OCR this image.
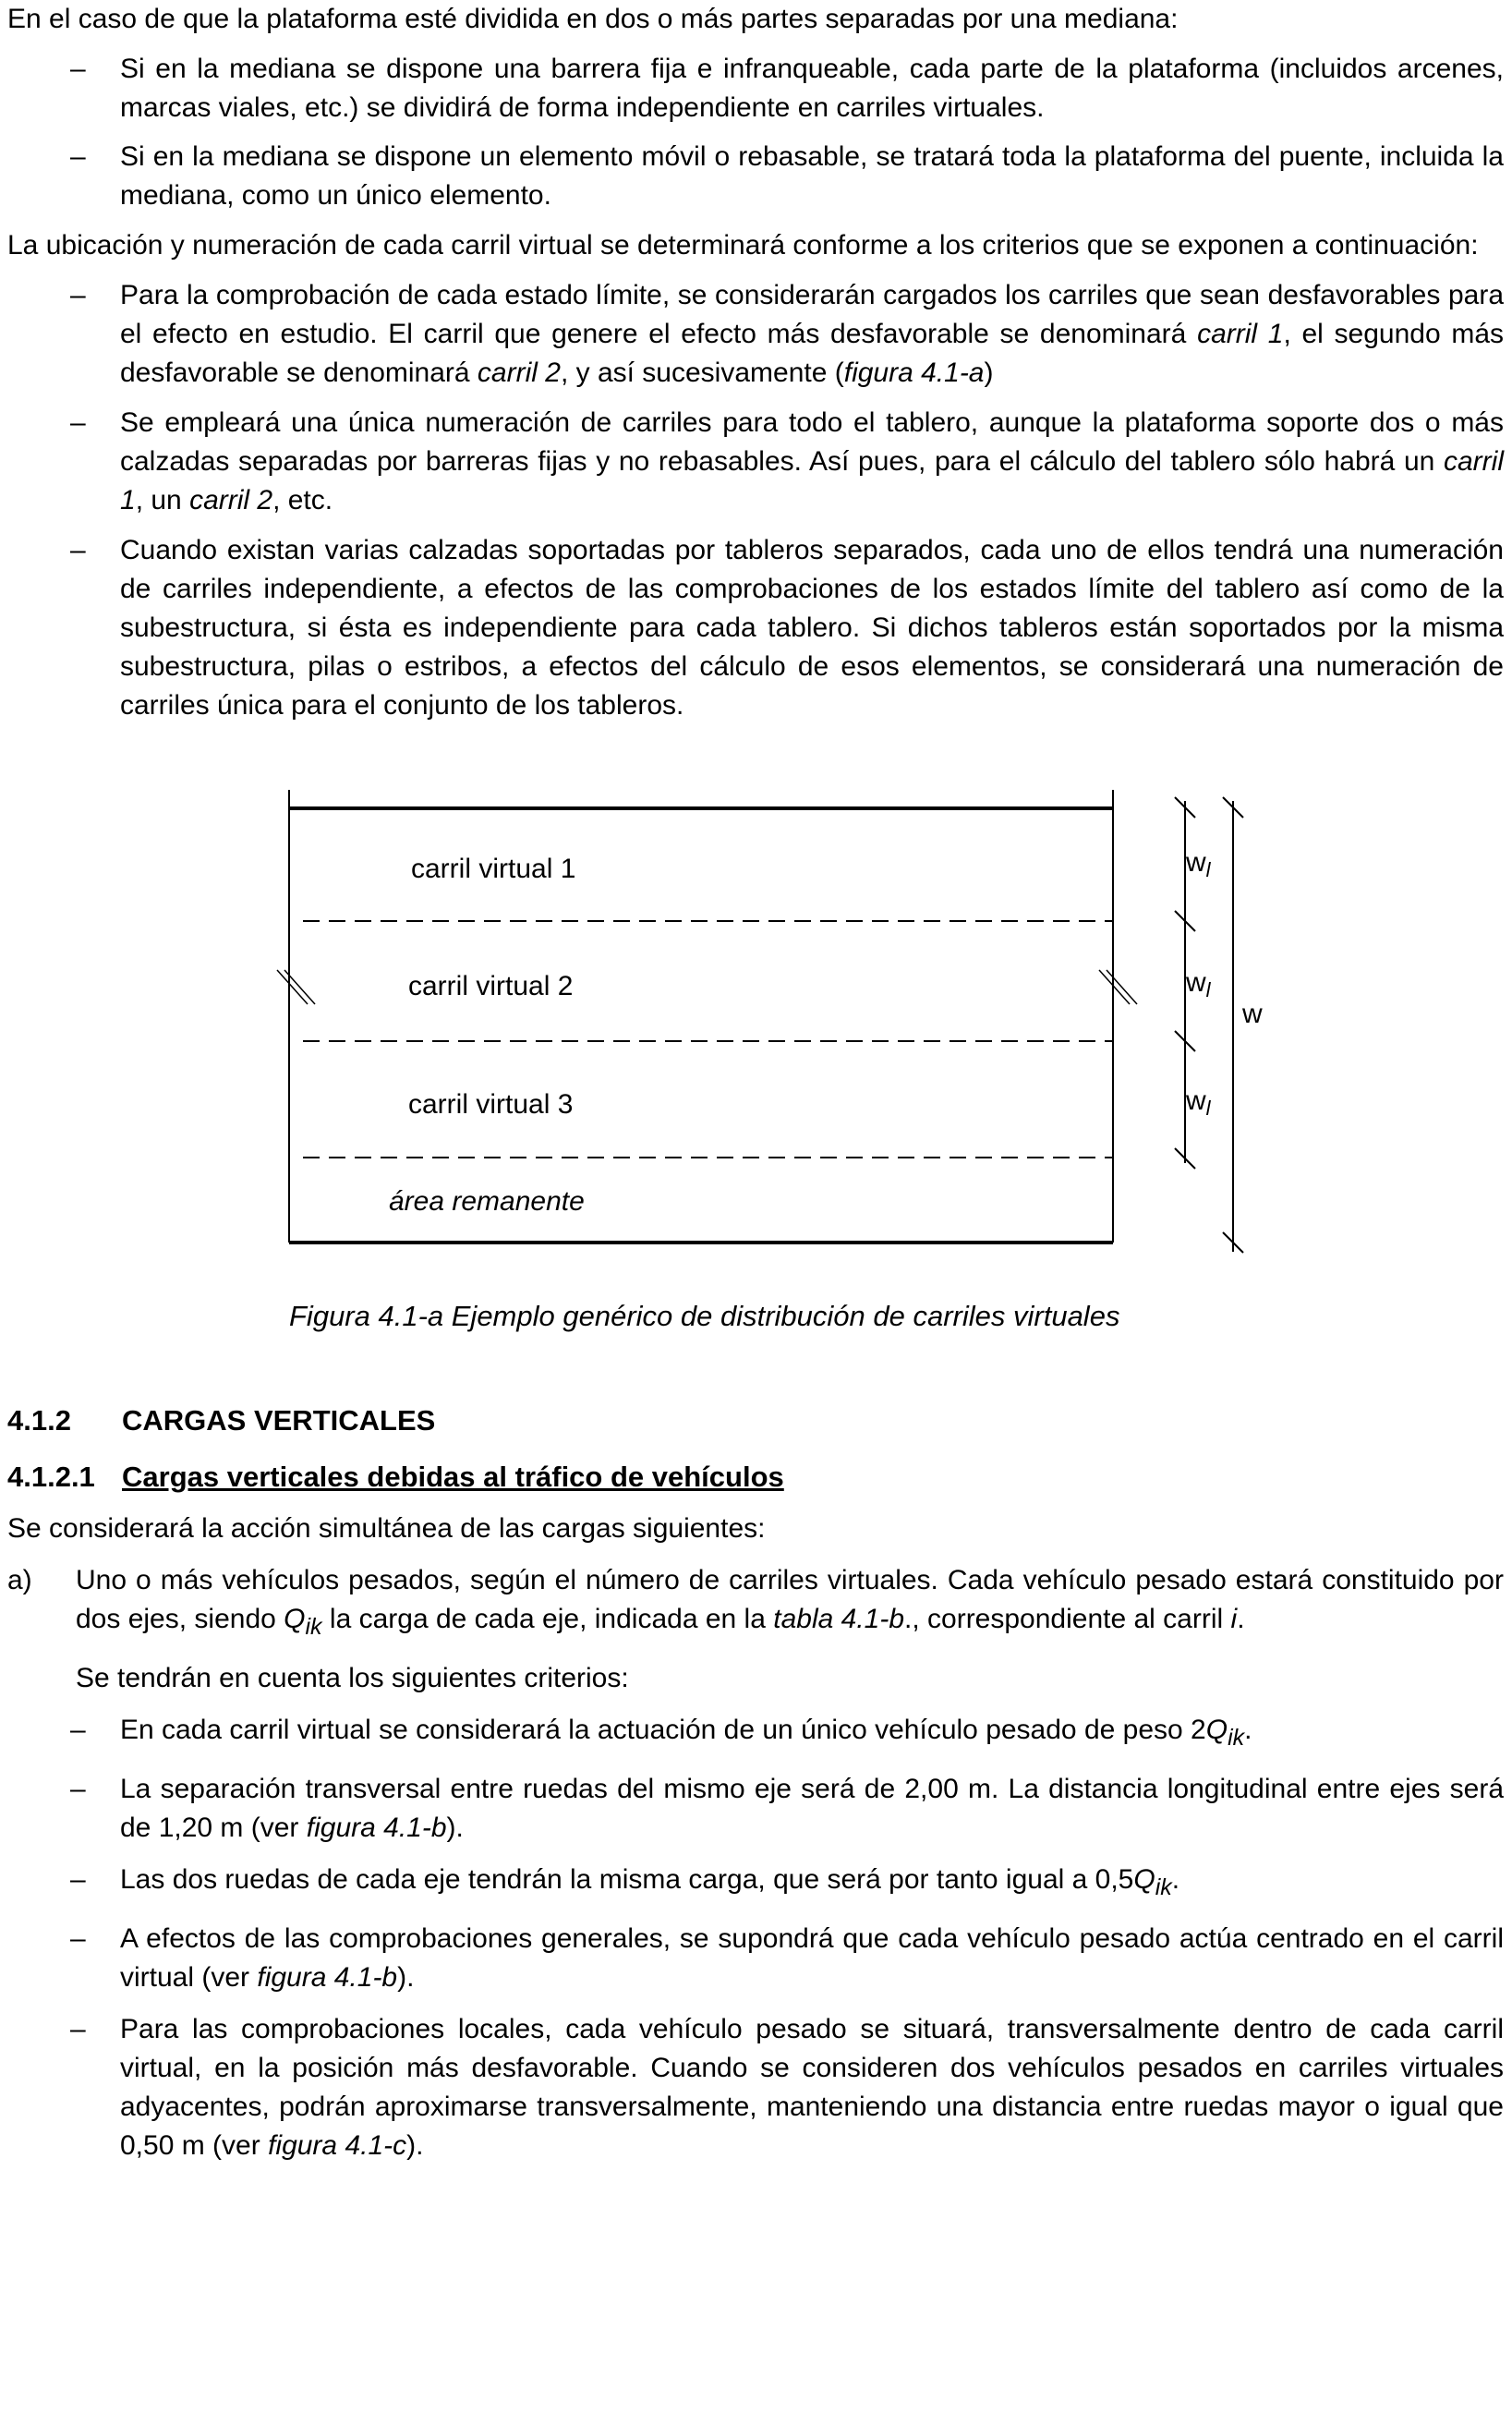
En el caso de que la plataforma esté dividida en dos o más partes separadas por una mediana:

– Si en la mediana se dispone una barrera fija e infranqueable, cada parte de la plataforma (incluidos arcenes, marcas viales, etc.) se dividirá de forma independiente en carriles virtuales.
– Si en la mediana se dispone un elemento móvil o rebasable, se tratará toda la plataforma del puente, incluida la mediana, como un único elemento.

La ubicación y numeración de cada carril virtual se determinará conforme a los criterios que se exponen a continuación:

– Para la comprobación de cada estado límite, se considerarán cargados los carriles que sean desfavorables para el efecto en estudio. El carril que genere el efecto más desfavorable se denominará carril 1, el segundo más desfavorable se denominará carril 2, y así sucesivamente (figura 4.1-a)
– Se empleará una única numeración de carriles para todo el tablero, aunque la plataforma soporte dos o más calzadas separadas por barreras fijas y no rebasables. Así pues, para el cálculo del tablero sólo habrá un carril 1, un carril 2, etc.
– Cuando existan varias calzadas soportadas por tableros separados, cada uno de ellos tendrá una numeración de carriles independiente, a efectos de las comprobaciones de los estados límite del tablero así como de la subestructura, si ésta es independiente para cada tablero. Si dichos tableros están soportados por la misma subestructura, pilas o estribos, a efectos del cálculo de esos elementos, se considerará una numeración de carriles única para el conjunto de los tableros.
carril virtual 1
carril virtual 2
carril virtual 3
área remanente
$w_l$
$w_l$
$w_l$
w
Figura 4.1-a Ejemplo genérico de distribución de carriles virtuales
4.1.2 CARGAS VERTICALES
4.1.2.1 Cargas verticales debidas al tráfico de vehículos

Se considerará la acción simultánea de las cargas siguientes:

a) Uno o más vehículos pesados, según el número de carriles virtuales. Cada vehículo pesado estará constituido por dos ejes, siendo $Q_{ik}$ la carga de cada eje, indicada en la tabla 4.1-b., correspondiente al carril i.

Se tendrán en cuenta los siguientes criterios:

– En cada carril virtual se considerará la actuación de un único vehículo pesado de peso $2Q_{ik}$.
– La separación transversal entre ruedas del mismo eje será de 2,00 m. La distancia longitudinal entre ejes será de 1,20 m (ver figura 4.1-b).
– Las dos ruedas de cada eje tendrán la misma carga, que será por tanto igual a $0,5Q_{ik}$.
– A efectos de las comprobaciones generales, se supondrá que cada vehículo pesado actúa centrado en el carril virtual (ver figura 4.1-b).
– Para las comprobaciones locales, cada vehículo pesado se situará, transversalmente dentro de cada carril virtual, en la posición más desfavorable. Cuando se consideren dos vehículos pesados en carriles virtuales adyacentes, podrán aproximarse transversalmente, manteniendo una distancia entre ruedas mayor o igual que 0,50 m (ver figura 4.1-c).
